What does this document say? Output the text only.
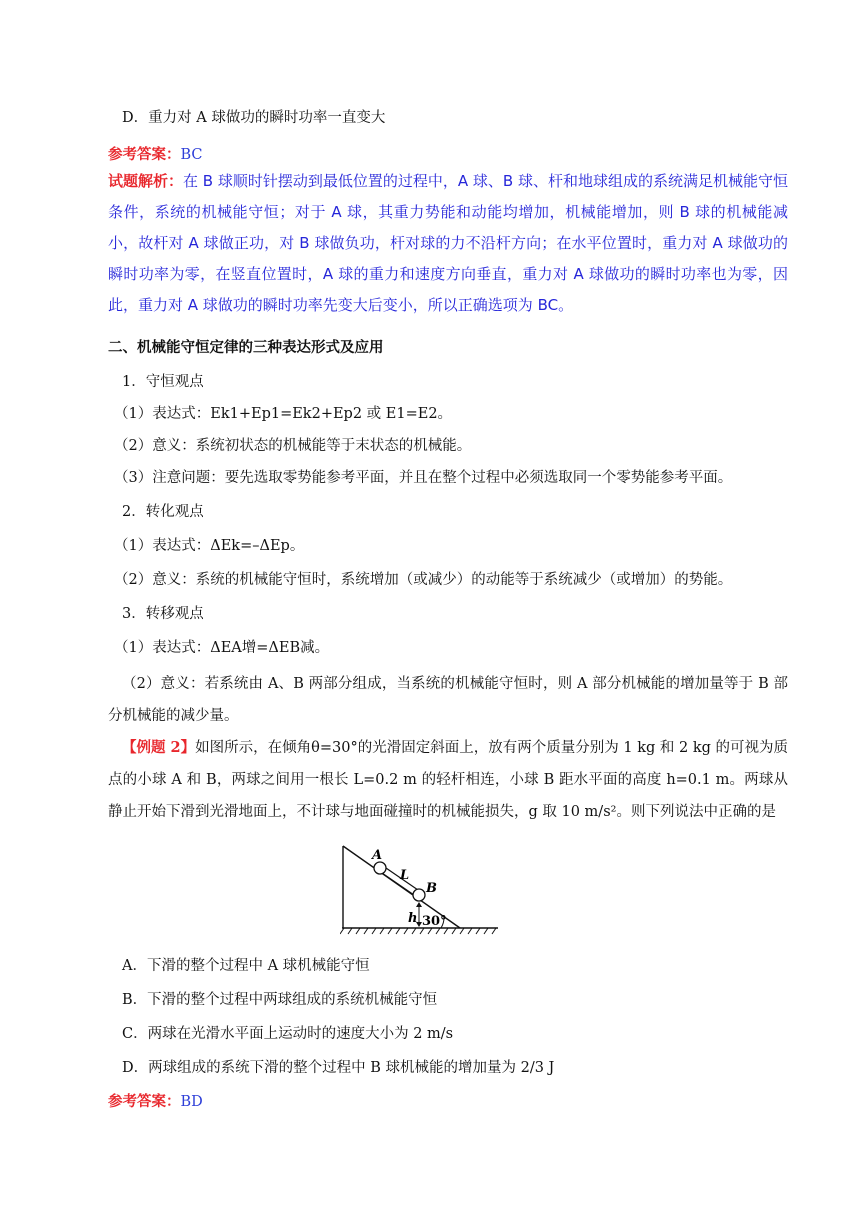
D．重力对 A 球做功的瞬时功率一直变大
参考答案：BC
试题解析：在 B 球顺时针摆动到最低位置的过程中，A 球、B 球、杆和地球组成的系统满足机械能守恒条件，系统的机械能守恒；对于 A 球，其重力势能和动能均增加，机械能增加，则 B 球的机械能减小，故杆对 A 球做正功，对 B 球做负功，杆对球的力不沿杆方向；在水平位置时，重力对 A 球做功的瞬时功率为零，在竖直位置时，A 球的重力和速度方向垂直，重力对 A 球做功的瞬时功率也为零，因此，重力对 A 球做功的瞬时功率先变大后变小，所以正确选项为 BC。
二、机械能守恒定律的三种表达形式及应用
1．守恒观点
（1）表达式：Ek1+Ep1=Ek2+Ep2 或 E1=E2。
（2）意义：系统初状态的机械能等于末状态的机械能。
（3）注意问题：要先选取零势能参考平面，并且在整个过程中必须选取同一个零势能参考平面。
2．转化观点
（1）表达式：ΔEk=–ΔEp。
（2）意义：系统的机械能守恒时，系统增加（或减少）的动能等于系统减少（或增加）的势能。
3．转移观点
（1）表达式：ΔEA增=ΔEB减。
（2）意义：若系统由 A、B 两部分组成，当系统的机械能守恒时，则 A 部分机械能的增加量等于 B 部分机械能的减少量。
【例题 2】如图所示，在倾角θ=30°的光滑固定斜面上，放有两个质量分别为 1 kg 和 2 kg 的可视为质点的小球 A 和 B，两球之间用一根长 L=0.2 m 的轻杆相连，小球 B 距水平面的高度 h=0.1 m。两球从静止开始下滑到光滑地面上，不计球与地面碰撞时的机械能损失，g 取 10 m/s²。则下列说法中正确的是
A
L
B
h 30°
A．下滑的整个过程中 A 球机械能守恒
B．下滑的整个过程中两球组成的系统机械能守恒
C．两球在光滑水平面上运动时的速度大小为 2 m/s
D．两球组成的系统下滑的整个过程中 B 球机械能的增加量为 2/3 J
参考答案：BD
